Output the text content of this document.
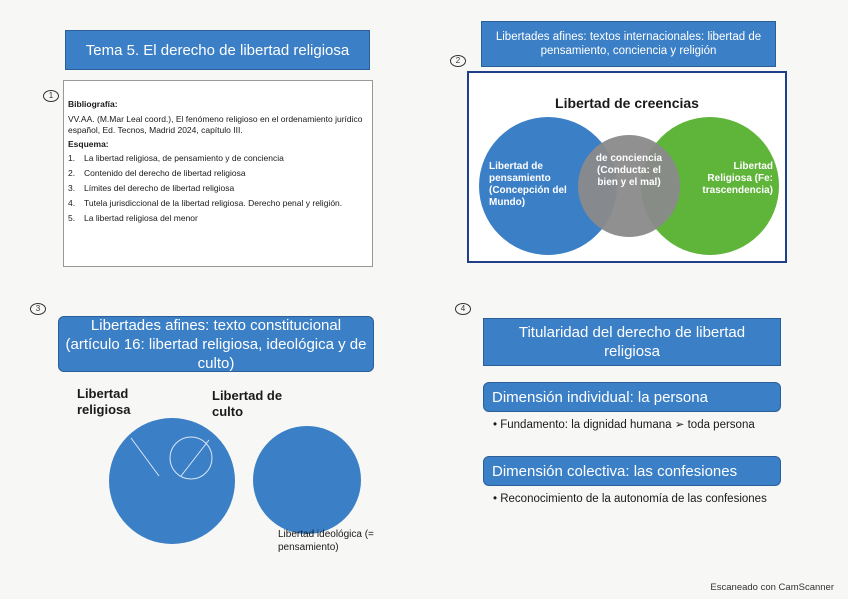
Tema 5. El derecho de libertad religiosa
1
Bibliografía:
VV.AA. (M.Mar Leal coord.), El fenómeno religioso en el ordenamiento jurídico español, Ed. Tecnos, Madrid 2024, capítulo III.
Esquema:
1. La libertad religiosa, de pensamiento y de conciencia
2. Contenido del derecho de libertad religiosa
3. Límites del derecho de libertad religiosa
4. Tutela jurisdiccional de la libertad religiosa. Derecho penal y religión.
5. La libertad religiosa del menor
2
Libertades afines: textos internacionales: libertad de pensamiento, conciencia y religión
Libertad de creencias
Libertad de pensamiento (Concepción del Mundo)
de conciencia (Conducta: el bien y el mal)
Libertad Religiosa (Fe: trascendencia)
3
Libertades afines: texto constitucional (artículo 16: libertad religiosa, ideológica y de culto)
Libertad religiosa
Libertad de culto
Libertad ideológica (= pensamiento)
4
Titularidad del derecho de libertad religiosa
Dimensión individual: la persona
• Fundamento: la dignidad humana ➢ toda persona
Dimensión colectiva: las confesiones
• Reconocimiento de la autonomía de las confesiones
Escaneado con CamScanner
